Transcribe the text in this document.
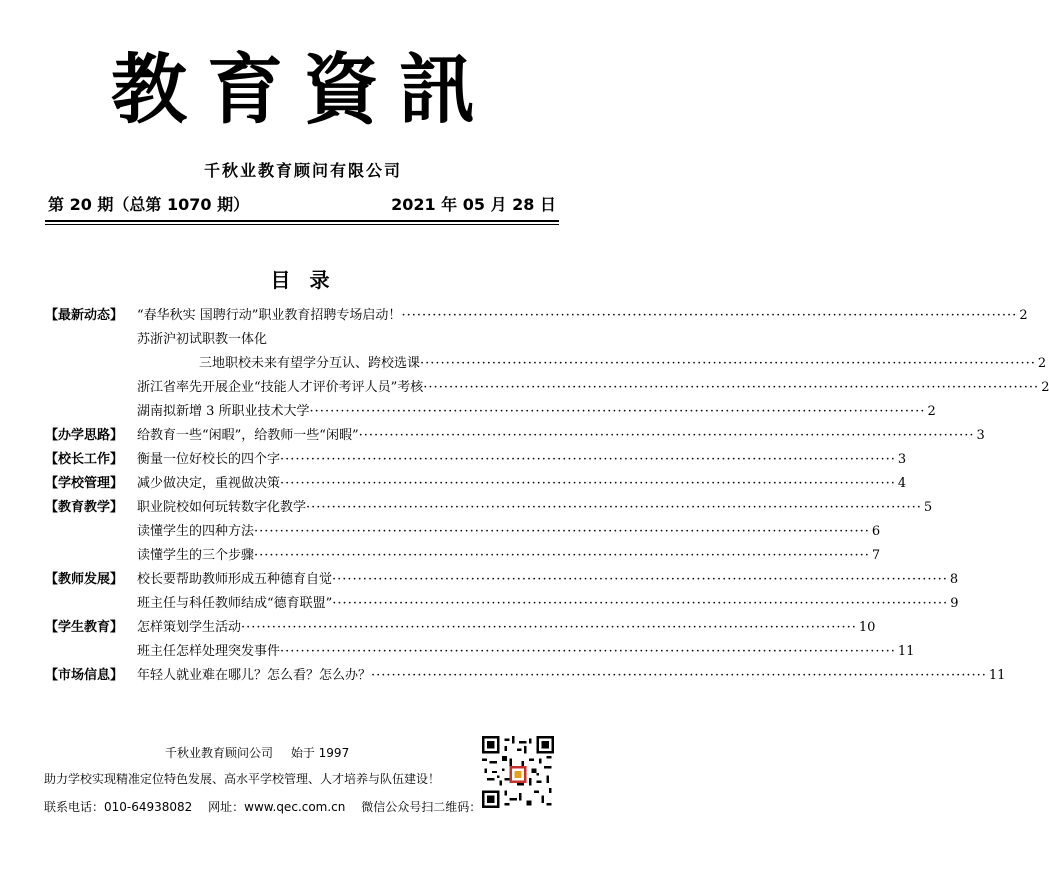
教育資訊
千秋业教育顾问有限公司
第 20 期（总第 1070 期）	2021 年 05 月 28 日
目 录
【最新动态】 “春华秋实 国聘行动”职业教育招聘专场启动！ ························································································································ 2
苏浙沪初试职教一体化
三地职校未来有望学分互认、跨校选课 ························································································································ 2
浙江省率先开展企业“技能人才评价考评人员”考核 ························································································································ 2
湖南拟新增 3 所职业技术大学 ························································································································ 2
【办学思路】 给教育一些“闲暇”，给教师一些“闲暇” ························································································································ 3
【校长工作】 衡量一位好校长的四个字 ························································································································ 3
【学校管理】 减少做决定，重视做决策 ························································································································ 4
【教育教学】 职业院校如何玩转数字化教学 ························································································································ 5
读懂学生的四种方法 ························································································································ 6
读懂学生的三个步骤 ························································································································ 7
【教师发展】 校长要帮助教师形成五种德育自觉 ························································································································ 8
班主任与科任教师结成“德育联盟” ························································································································ 9
【学生教育】 怎样策划学生活动 ························································································································ 10
班主任怎样处理突发事件 ························································································································ 11
【市场信息】 年轻人就业难在哪儿？怎么看？怎么办？ ························································································································ 11
千秋业教育顾问公司 始于 1997
助力学校实现精准定位特色发展、高水平学校管理、人才培养与队伍建设！
联系电话：010-64938082 网址：www.qec.com.cn 微信公众号扫二维码：
